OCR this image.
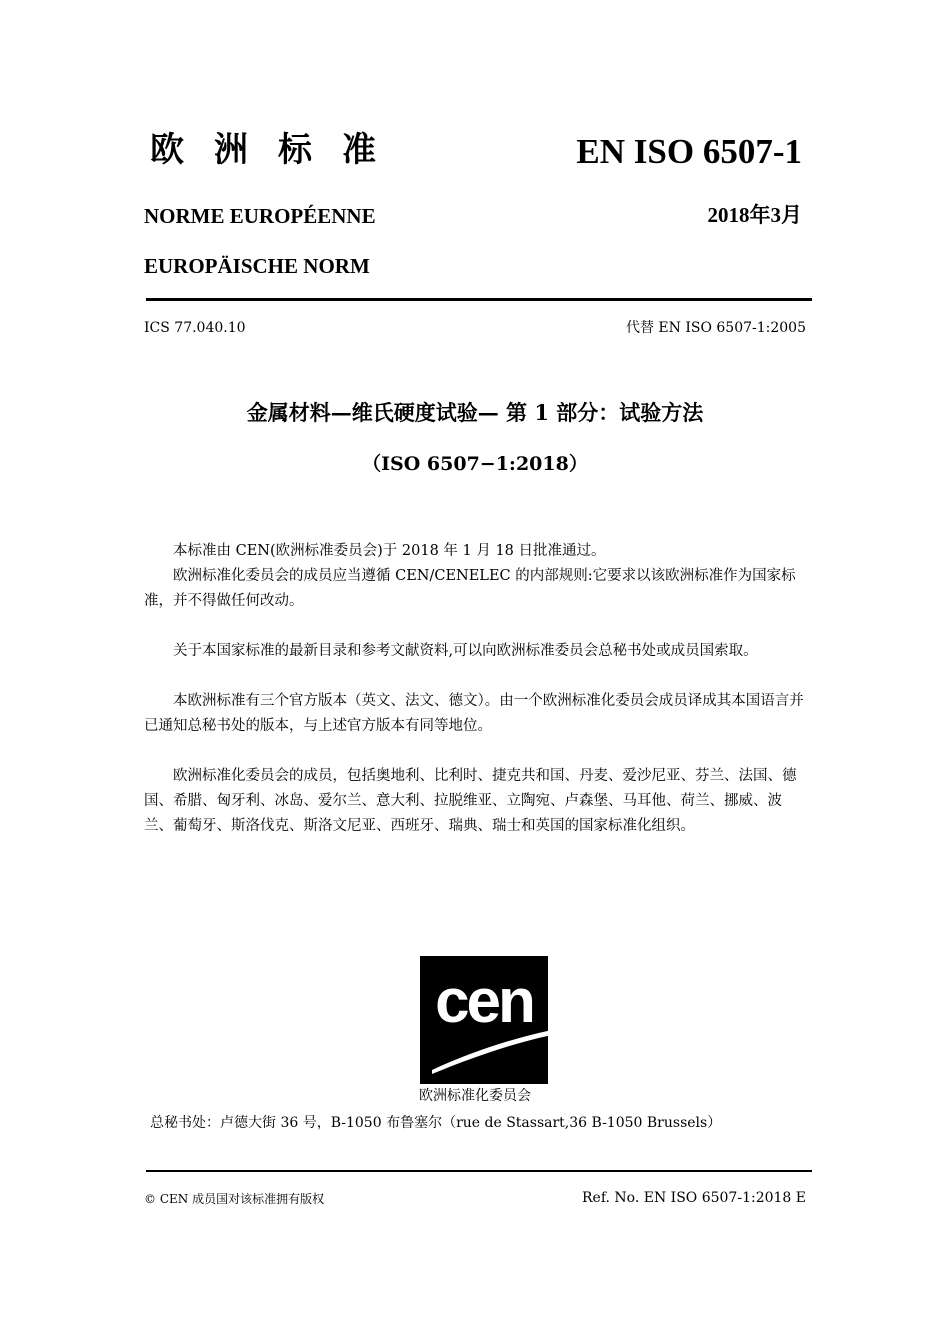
欧洲标准	EN ISO 6507-1
NORME EUROPÉENNE	2018年3月
EUROPÄISCHE NORM
ICS 77.040.10	代替 EN ISO 6507-1:2005
金属材料—维氏硬度试验— 第 1 部分：试验方法
（ISO 6507−1:2018）

本标准由 CEN(欧洲标准委员会)于 2018 年 1 月 18 日批准通过。

欧洲标准化委员会的成员应当遵循 CEN/CENELEC 的内部规则:它要求以该欧洲标准作为国家标准，并不得做任何改动。

关于本国家标准的最新目录和参考文献资料,可以向欧洲标准委员会总秘书处或成员国索取。

本欧洲标准有三个官方版本（英文、法文、德文）。由一个欧洲标准化委员会成员译成其本国语言并已通知总秘书处的版本，与上述官方版本有同等地位。

欧洲标准化委员会的成员，包括奥地利、比利时、捷克共和国、丹麦、爱沙尼亚、芬兰、法国、德国、希腊、匈牙利、冰岛、爱尔兰、意大利、拉脱维亚、立陶宛、卢森堡、马耳他、荷兰、挪威、波兰、葡萄牙、斯洛伐克、斯洛文尼亚、西班牙、瑞典、瑞士和英国的国家标准化组织。

cen
欧洲标准化委员会
总秘书处：卢德大街 36 号，B-1050 布鲁塞尔（rue de Stassart,36 B-1050 Brussels）
© CEN 成员国对该标准拥有版权	Ref. No. EN ISO 6507-1:2018 E
